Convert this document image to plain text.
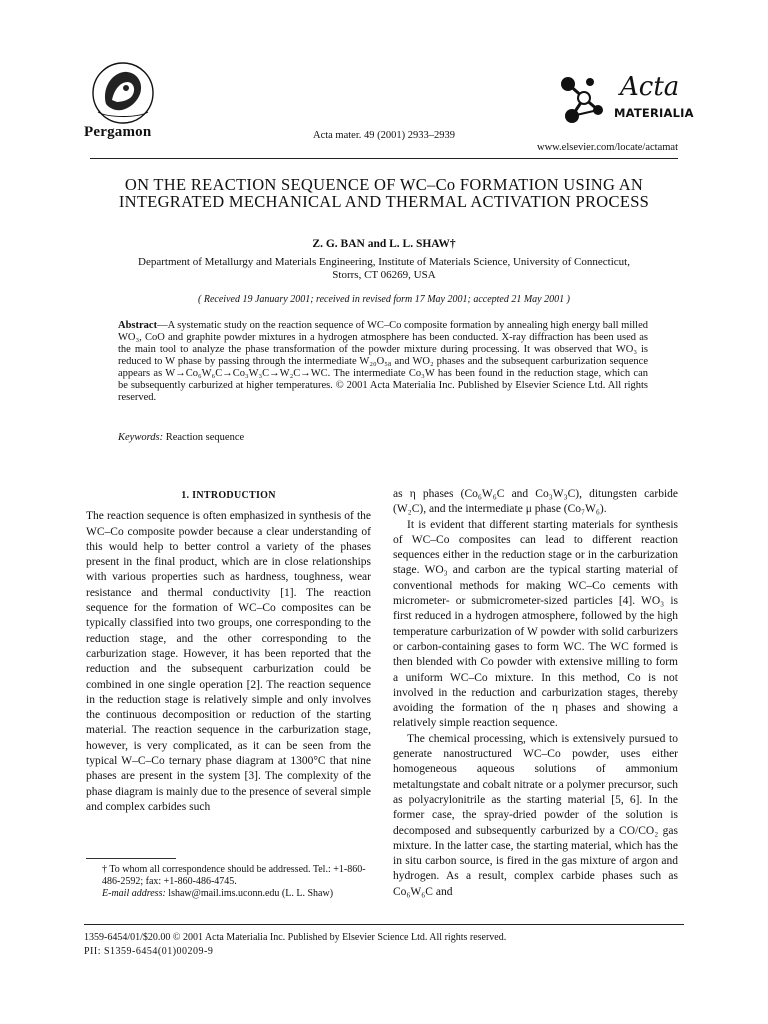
Pergamon	Acta mater. 49 (2001) 2933–2939
Acta
MATERIALIA
www.elsevier.com/locate/actamat
ON THE REACTION SEQUENCE OF WC–Co FORMATION USING AN INTEGRATED MECHANICAL AND THERMAL ACTIVATION PROCESS
Z. G. BAN and L. L. SHAW†
Department of Metallurgy and Materials Engineering, Institute of Materials Science, University of Connecticut, Storrs, CT 06269, USA
( Received 19 January 2001; received in revised form 17 May 2001; accepted 21 May 2001 )
Abstract—A systematic study on the reaction sequence of WC–Co composite formation by annealing high energy ball milled WO₃, CoO and graphite powder mixtures in a hydrogen atmosphere has been conducted. X-ray diffraction has been used as the main tool to analyze the phase transformation of the powder mixture during processing. It was observed that WO₃ is reduced to W phase by passing through the intermediate W₂₀O₅₈ and WO₂ phases and the subsequent carburization sequence appears as W→Co₆W₆C→Co₃W₃C→W₂C→WC. The intermediate Co₃W has been found in the reduction stage, which can be subsequently carburized at higher temperatures. © 2001 Acta Materialia Inc. Published by Elsevier Science Ltd. All rights reserved.
Keywords: Reaction sequence
1. INTRODUCTION

The reaction sequence is often emphasized in synthesis of the WC–Co composite powder because a clear understanding of this would help to better control a variety of the phases present in the final product, which are in close relationships with various properties such as hardness, toughness, wear resistance and thermal conductivity [1]. The reaction sequence for the formation of WC–Co composites can be typically classified into two groups, one corresponding to the reduction stage, and the other corresponding to the carburization stage. However, it has been reported that the reduction and the subsequent carburization could be combined in one single operation [2]. The reaction sequence in the reduction stage is relatively simple and only involves the continuous decomposition or reduction of the starting material. The reaction sequence in the carburization stage, however, is very complicated, as it can be seen from the typical W–C–Co ternary phase diagram at 1300°C that nine phases are present in the system [3]. The complexity of the phase diagram is mainly due to the presence of several simple and complex carbides such

as η phases (Co₆W₆C and Co₃W₃C), ditungsten carbide (W₂C), and the intermediate μ phase (Co₇W₆).

It is evident that different starting materials for synthesis of WC–Co composites can lead to different reaction sequences either in the reduction stage or in the carburization stage. WO₃ and carbon are the typical starting material of conventional methods for making WC–Co cements with micrometer- or submicrometer-sized particles [4]. WO₃ is first reduced in a hydrogen atmosphere, followed by the high temperature carburization of W powder with solid carburizers or carbon-containing gases to form WC. The WC formed is then blended with Co powder with extensive milling to form a uniform WC–Co mixture. In this method, Co is not involved in the reduction and carburization stages, thereby avoiding the formation of the η phases and showing a relatively simple reaction sequence.

The chemical processing, which is extensively pursued to generate nanostructured WC–Co powder, uses either homogeneous aqueous solutions of ammonium metaltungstate and cobalt nitrate or a polymer precursor, such as polyacrylonitrile as the starting material [5, 6]. In the former case, the spray-dried powder of the solution is decomposed and subsequently carburized by a CO/CO₂ gas mixture. In the latter case, the starting material, which has the in situ carbon source, is fired in the gas mixture of argon and hydrogen. As a result, complex carbide phases such as Co₆W₆C and

† To whom all correspondence should be addressed. Tel.: +1-860-486-2592; fax: +1-860-486-4745.
E-mail address: lshaw@mail.ims.uconn.edu (L. L. Shaw)
1359-6454/01/$20.00 © 2001 Acta Materialia Inc. Published by Elsevier Science Ltd. All rights reserved.
PII: S1359-6454(01)00209-9
